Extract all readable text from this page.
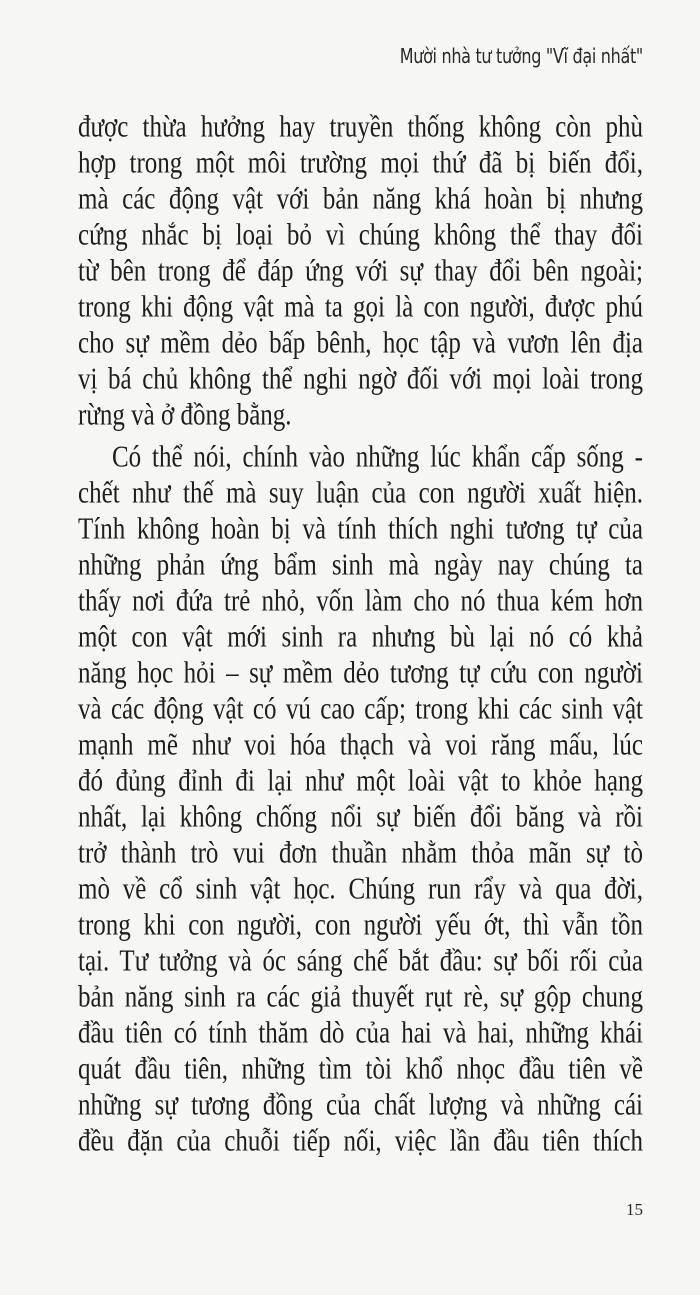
Mười nhà tư tưởng "Vĩ đại nhất"
được thừa hưởng hay truyền thống không còn phù
hợp trong một môi trường mọi thứ đã bị biến đổi,
mà các động vật với bản năng khá hoàn bị nhưng
cứng nhắc bị loại bỏ vì chúng không thể thay đổi
từ bên trong để đáp ứng với sự thay đổi bên ngoài;
trong khi động vật mà ta gọi là con người, được phú
cho sự mềm dẻo bấp bênh, học tập và vươn lên địa
vị bá chủ không thể nghi ngờ đối với mọi loài trong
rừng và ở đồng bằng.
Có thể nói, chính vào những lúc khẩn cấp sống -
chết như thế mà suy luận của con người xuất hiện.
Tính không hoàn bị và tính thích nghi tương tự của
những phản ứng bẩm sinh mà ngày nay chúng ta
thấy nơi đứa trẻ nhỏ, vốn làm cho nó thua kém hơn
một con vật mới sinh ra nhưng bù lại nó có khả
năng học hỏi – sự mềm dẻo tương tự cứu con người
và các động vật có vú cao cấp; trong khi các sinh vật
mạnh mẽ như voi hóa thạch và voi răng mấu, lúc
đó đủng đỉnh đi lại như một loài vật to khỏe hạng
nhất, lại không chống nổi sự biến đổi băng và rồi
trở thành trò vui đơn thuần nhằm thỏa mãn sự tò
mò về cổ sinh vật học. Chúng run rẩy và qua đời,
trong khi con người, con người yếu ớt, thì vẫn tồn
tại. Tư tưởng và óc sáng chế bắt đầu: sự bối rối của
bản năng sinh ra các giả thuyết rụt rè, sự gộp chung
đầu tiên có tính thăm dò của hai và hai, những khái
quát đầu tiên, những tìm tòi khổ nhọc đầu tiên về
những sự tương đồng của chất lượng và những cái
đều đặn của chuỗi tiếp nối, việc lần đầu tiên thích
15
